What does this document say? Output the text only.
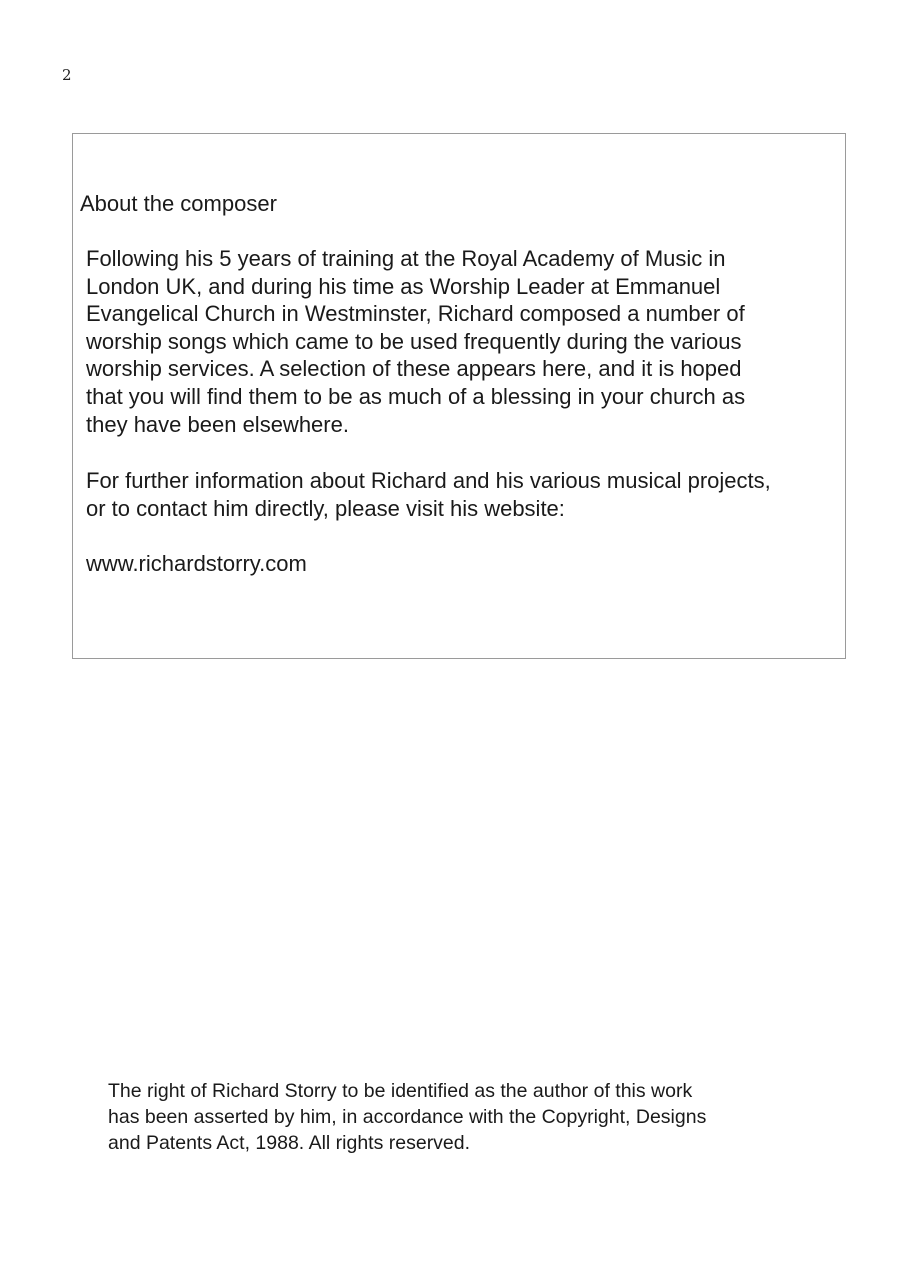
2
About the composer
Following his 5 years of training at the Royal Academy of Music in
London UK, and during his time as Worship Leader at Emmanuel
Evangelical Church in Westminster, Richard composed a number of
worship songs which came to be used frequently during the various
worship services. A selection of these appears here, and it is hoped
that you will find them to be as much of a blessing in your church as
they have been elsewhere.
For further information about Richard and his various musical projects,
or to contact him directly, please visit his website:
www.richardstorry.com
The right of Richard Storry to be identified as the author of this work
has been asserted by him, in accordance with the Copyright, Designs
and Patents Act, 1988. All rights reserved.
